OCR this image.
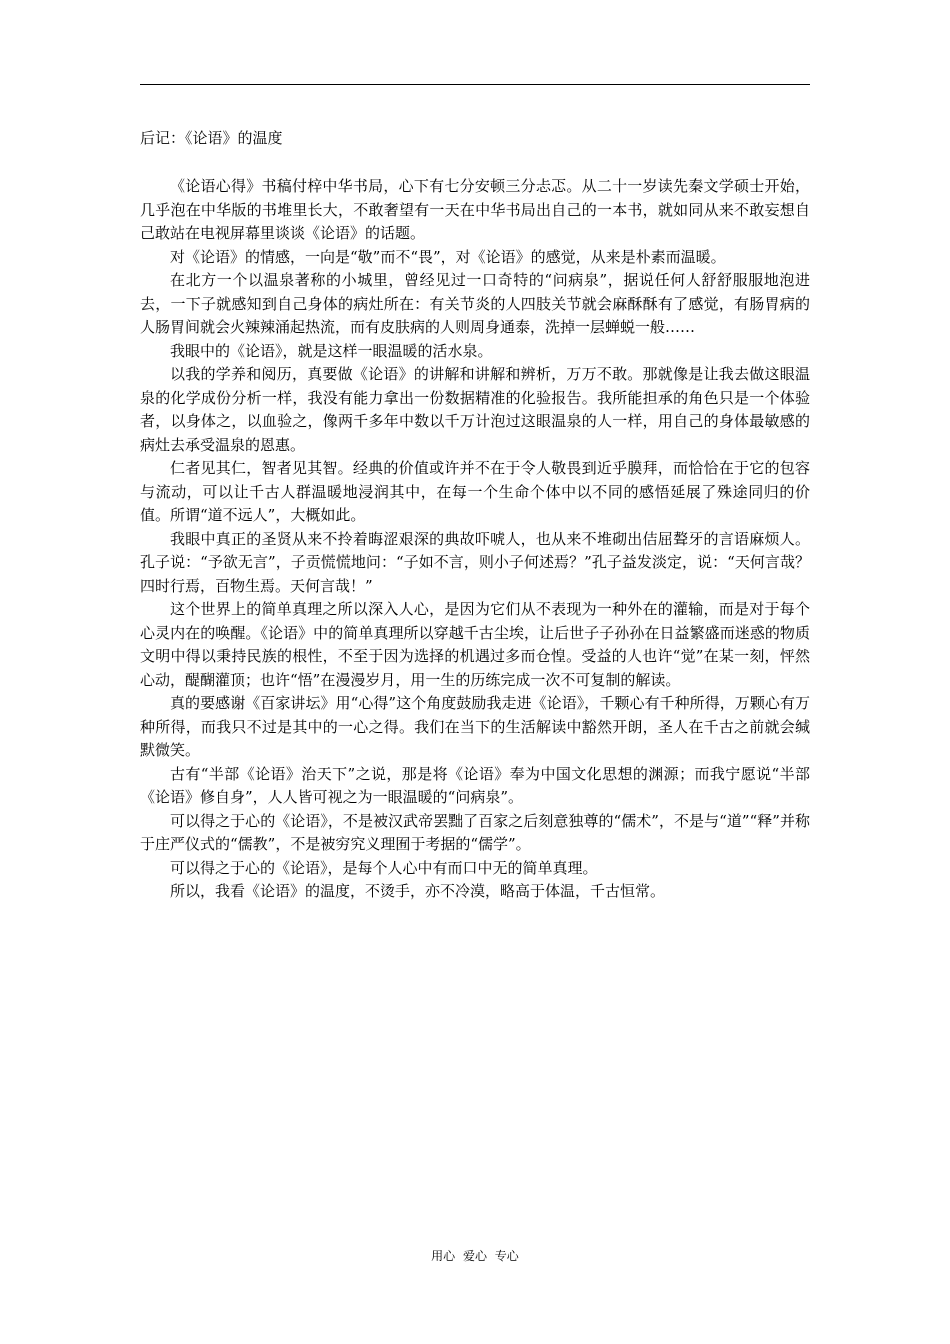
后记：《论语》的温度

《论语心得》书稿付梓中华书局，心下有七分安顿三分忐忑。从二十一岁读先秦文学硕士开始，几乎泡在中华版的书堆里长大，不敢奢望有一天在中华书局出自己的一本书，就如同从来不敢妄想自己敢站在电视屏幕里谈谈《论语》的话题。

对《论语》的情感，一向是“敬”而不“畏”，对《论语》的感觉，从来是朴素而温暖。

在北方一个以温泉著称的小城里，曾经见过一口奇特的“问病泉”，据说任何人舒舒服服地泡进去，一下子就感知到自己身体的病灶所在：有关节炎的人四肢关节就会麻酥酥有了感觉，有肠胃病的人肠胃间就会火辣辣涌起热流，而有皮肤病的人则周身通泰，洗掉一层蝉蜕一般……

我眼中的《论语》，就是这样一眼温暖的活水泉。

以我的学养和阅历，真要做《论语》的讲解和讲解和辨析，万万不敢。那就像是让我去做这眼温泉的化学成份分析一样，我没有能力拿出一份数据精准的化验报告。我所能担承的角色只是一个体验者，以身体之，以血验之，像两千多年中数以千万计泡过这眼温泉的人一样，用自己的身体最敏感的病灶去承受温泉的恩惠。

仁者见其仁，智者见其智。经典的价值或许并不在于令人敬畏到近乎膜拜，而恰恰在于它的包容与流动，可以让千古人群温暖地浸润其中，在每一个生命个体中以不同的感悟延展了殊途同归的价值。所谓“道不远人”，大概如此。

我眼中真正的圣贤从来不拎着晦涩艰深的典故吓唬人，也从来不堆砌出佶屈聱牙的言语麻烦人。孔子说：“予欲无言”，子贡慌慌地问：“子如不言，则小子何述焉？”孔子益发淡定，说：“天何言哉？四时行焉，百物生焉。天何言哉！”

这个世界上的简单真理之所以深入人心，是因为它们从不表现为一种外在的灌输，而是对于每个心灵内在的唤醒。《论语》中的简单真理所以穿越千古尘埃，让后世子子孙孙在日益繁盛而迷惑的物质文明中得以秉持民族的根性，不至于因为选择的机遇过多而仓惶。受益的人也许“觉”在某一刻，怦然心动，醍醐灌顶；也许“悟”在漫漫岁月，用一生的历练完成一次不可复制的解读。

真的要感谢《百家讲坛》用“心得”这个角度鼓励我走进《论语》，千颗心有千种所得，万颗心有万种所得，而我只不过是其中的一心之得。我们在当下的生活解读中豁然开朗，圣人在千古之前就会缄默微笑。

古有“半部《论语》治天下”之说，那是将《论语》奉为中国文化思想的渊源；而我宁愿说“半部《论语》修自身”，人人皆可视之为一眼温暖的“问病泉”。

可以得之于心的《论语》，不是被汉武帝罢黜了百家之后刻意独尊的“儒术”，不是与“道”“释”并称于庄严仪式的“儒教”，不是被穷究义理囿于考据的“儒学”。

可以得之于心的《论语》，是每个人心中有而口中无的简单真理。

所以，我看《论语》的温度，不烫手，亦不冷漠，略高于体温，千古恒常。

用心 爱心 专心
